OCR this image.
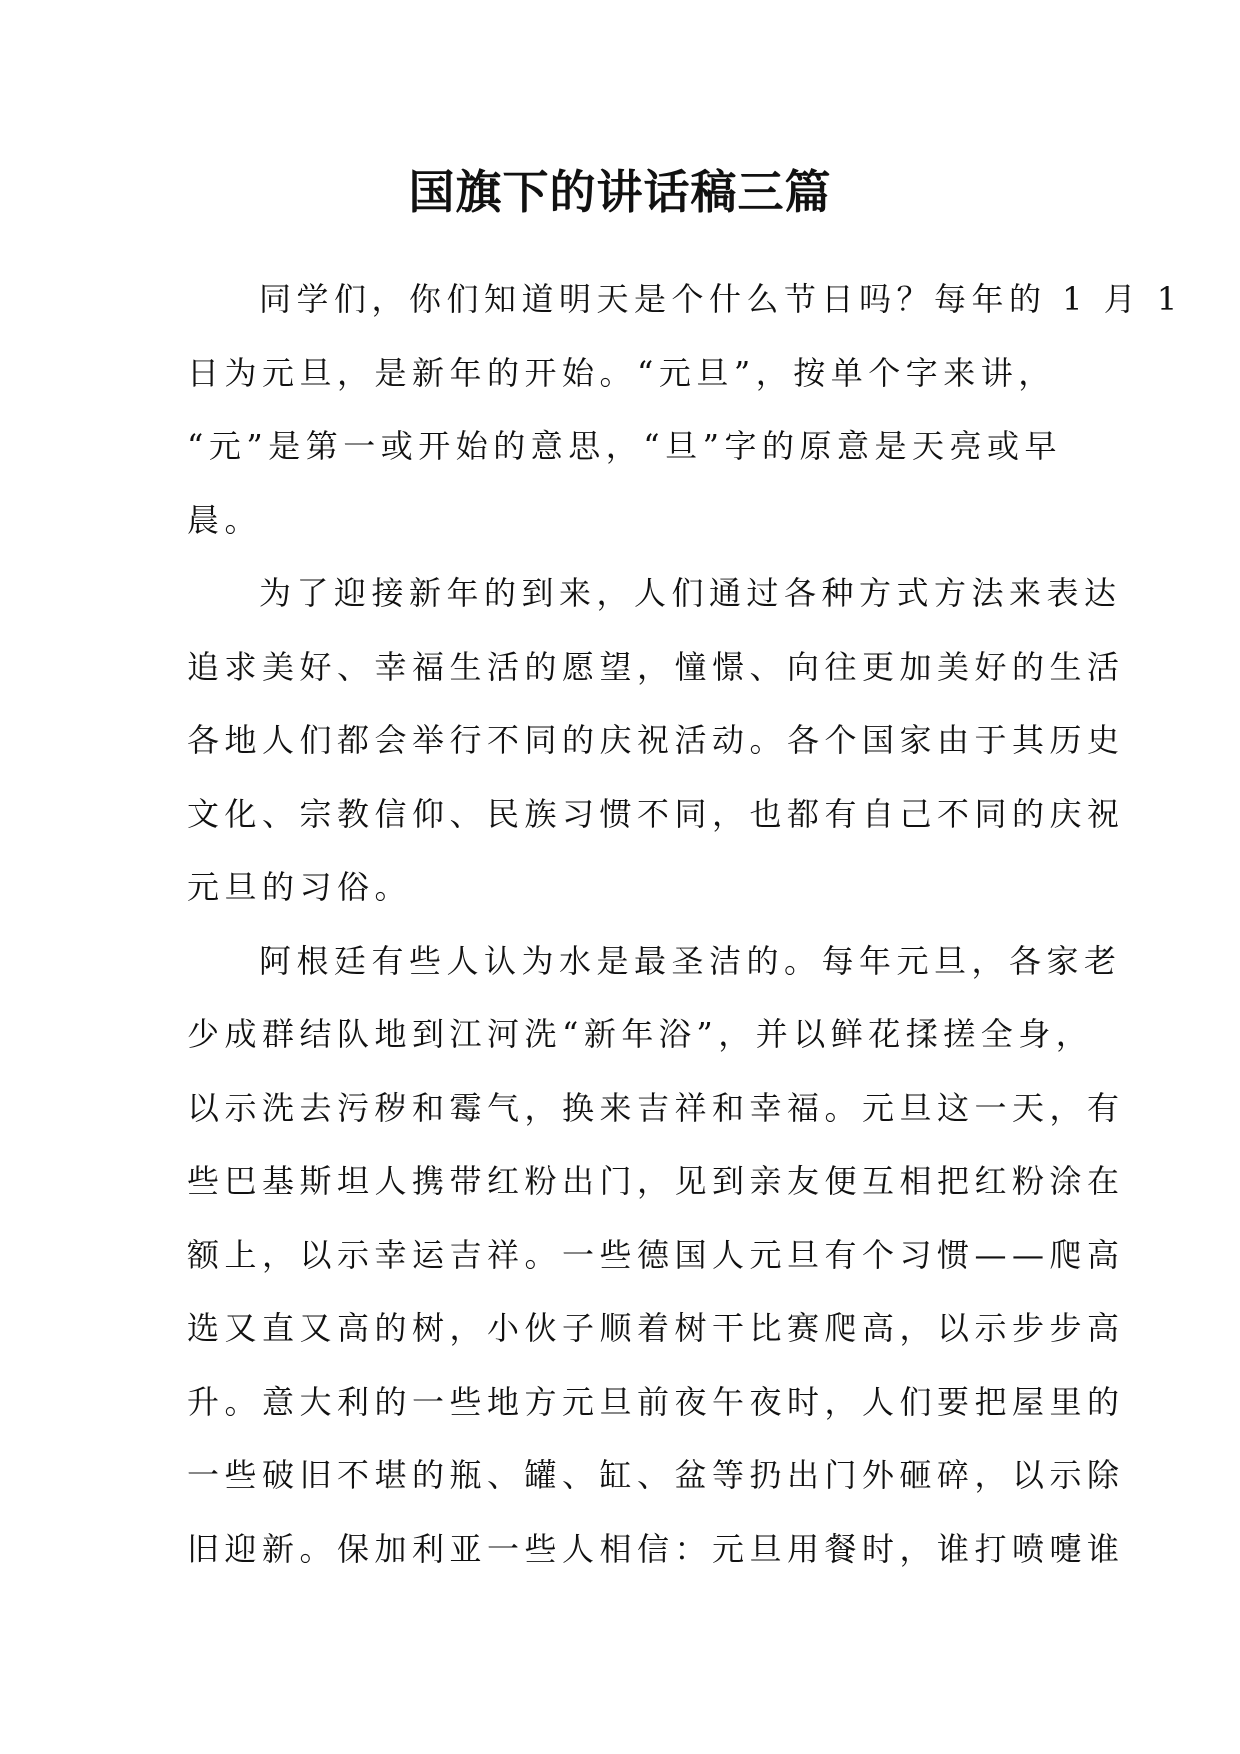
国旗下的讲话稿三篇

同学们，你们知道明天是个什么节日吗？每年的 1 月 1
日为元旦，是新年的开始。“元旦”，按单个字来讲，
“元”是第一或开始的意思，“旦”字的原意是天亮或早
晨。

为了迎接新年的到来，人们通过各种方式方法来表达
追求美好、幸福生活的愿望，憧憬、向往更加美好的生活
各地人们都会举行不同的庆祝活动。各个国家由于其历史
文化、宗教信仰、民族习惯不同，也都有自己不同的庆祝
元旦的习俗。

阿根廷有些人认为水是最圣洁的。每年元旦，各家老
少成群结队地到江河洗“新年浴”，并以鲜花揉搓全身，
以示洗去污秽和霉气，换来吉祥和幸福。元旦这一天，有
些巴基斯坦人携带红粉出门，见到亲友便互相把红粉涂在
额上，以示幸运吉祥。一些德国人元旦有个习惯——爬高
选又直又高的树，小伙子顺着树干比赛爬高，以示步步高
升。意大利的一些地方元旦前夜午夜时，人们要把屋里的
一些破旧不堪的瓶、罐、缸、盆等扔出门外砸碎，以示除
旧迎新。保加利亚一些人相信：元旦用餐时，谁打喷嚏谁
